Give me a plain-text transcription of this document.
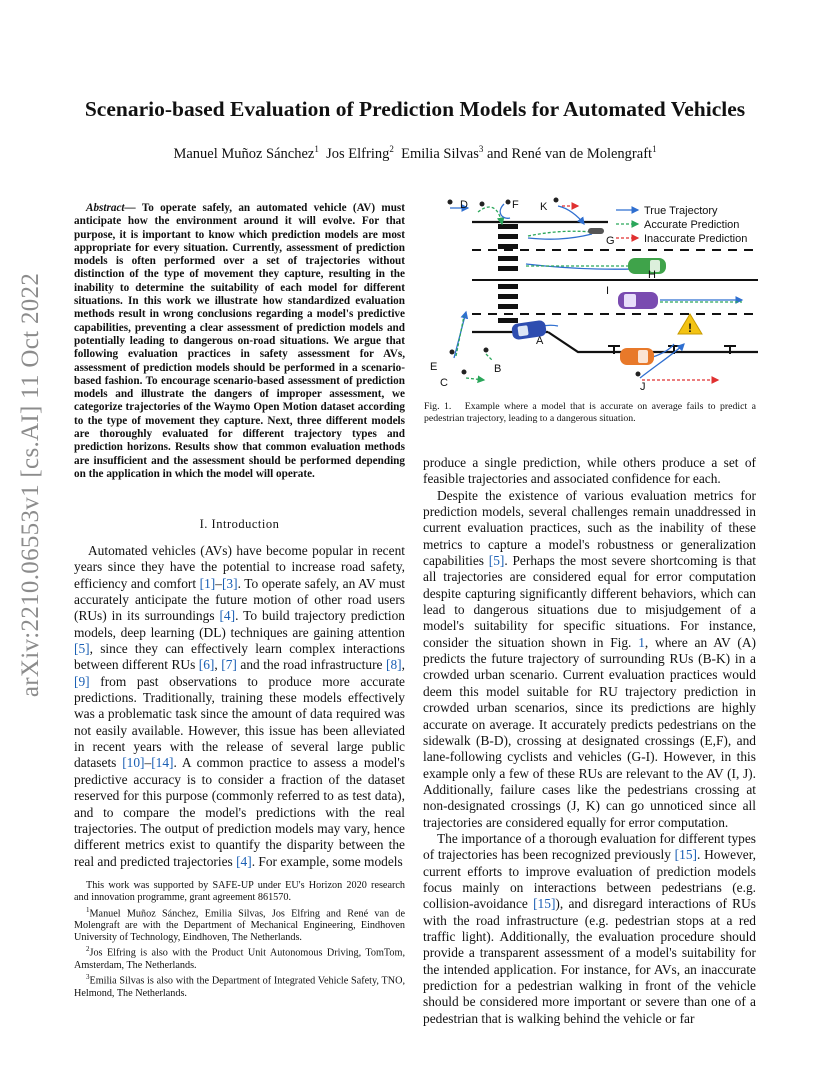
arXiv:2210.06553v1 [cs.AI] 11 Oct 2022
Scenario-based Evaluation of Prediction Models for Automated Vehicles
Manuel Muñoz Sánchez$^1$ Jos Elfring$^2$ Emilia Silvas$^3$ and René van de Molengraft$^1$
Abstract— To operate safely, an automated vehicle (AV) must anticipate how the environment around it will evolve. For that purpose, it is important to know which prediction models are most appropriate for every situation. Currently, assessment of prediction models is often performed over a set of trajectories without distinction of the type of movement they capture, resulting in the inability to determine the suitability of each model for different situations. In this work we illustrate how standardized evaluation methods result in wrong conclusions regarding a model's predictive capabilities, preventing a clear assessment of prediction models and potentially leading to dangerous on-road situations. We argue that following evaluation practices in safety assessment for AVs, assessment of prediction models should be performed in a scenario-based fashion. To encourage scenario-based assessment of prediction models and illustrate the dangers of improper assessment, we categorize trajectories of the Waymo Open Motion dataset according to the type of movement they capture. Next, three different models are thoroughly evaluated for different trajectory types and prediction horizons. Results show that common evaluation methods are insufficient and the assessment should be performed depending on the application in which the model will operate.
I. Introduction

Automated vehicles (AVs) have become popular in recent years since they have the potential to increase road safety, efficiency and comfort [1]–[3]. To operate safely, an AV must accurately anticipate the future motion of other road users (RUs) in its surroundings [4]. To build trajectory prediction models, deep learning (DL) techniques are gaining attention [5], since they can effectively learn complex interactions between different RUs [6], [7] and the road infrastructure [8], [9] from past observations to produce more accurate predictions. Traditionally, training these models effectively was a problematic task since the amount of data required was not easily available. However, this issue has been alleviated in recent years with the release of several large public datasets [10]–[14]. A common practice to assess a model's predictive accuracy is to consider a fraction of the dataset reserved for this purpose (commonly referred to as test data), and to compare the model's predictions with the real trajectories. The output of prediction models may vary, hence different metrics exist to quantify the disparity between the real and predicted trajectories [4]. For example, some models

This work was supported by SAFE-UP under EU's Horizon 2020 research and innovation programme, grant agreement 861570.

$^1$Manuel Muñoz Sánchez, Emilia Silvas, Jos Elfring and René van de Molengraft are with the Department of Mechanical Engineering, Eindhoven University of Technology, Eindhoven, The Netherlands.

$^2$Jos Elfring is also with the Product Unit Autonomous Driving, TomTom, Amsterdam, The Netherlands.

$^3$Emilia Silvas is also with the Department of Integrated Vehicle Safety, TNO, Helmond, The Netherlands.

!
D	F K
G
H
I
A
B
E
C	J
True Trajectory
Accurate Prediction
Inaccurate Prediction
Fig. 1. Example where a model that is accurate on average fails to predict a pedestrian trajectory, leading to a dangerous situation.

produce a single prediction, while others produce a set of feasible trajectories and associated confidence for each.

Despite the existence of various evaluation metrics for prediction models, several challenges remain unaddressed in current evaluation practices, such as the inability of these metrics to capture a model's robustness or generalization capabilities [5]. Perhaps the most severe shortcoming is that all trajectories are considered equal for error computation despite capturing significantly different behaviors, which can lead to dangerous situations due to misjudgement of a model's suitability for specific situations. For instance, consider the situation shown in Fig. 1, where an AV (A) predicts the future trajectory of surrounding RUs (B-K) in a crowded urban scenario. Current evaluation practices would deem this model suitable for RU trajectory prediction in crowded urban scenarios, since its predictions are highly accurate on average. It accurately predicts pedestrians on the sidewalk (B-D), crossing at designated crossings (E,F), and lane-following cyclists and vehicles (G-I). However, in this example only a few of these RUs are relevant to the AV (I, J). Additionally, failure cases like the pedestrians crossing at non-designated crossings (J, K) can go unnoticed since all trajectories are considered equally for error computation.

The importance of a thorough evaluation for different types of trajectories has been recognized previously [15]. However, current efforts to improve evaluation of prediction models focus mainly on interactions between pedestrians (e.g. collision-avoidance [15]), and disregard interactions of RUs with the road infrastructure (e.g. pedestrian stops at a red traffic light). Additionally, the evaluation procedure should provide a transparent assessment of a model's suitability for the intended application. For instance, for AVs, an inaccurate prediction for a pedestrian walking in front of the vehicle should be considered more important or severe than one of a pedestrian that is walking behind the vehicle or far
